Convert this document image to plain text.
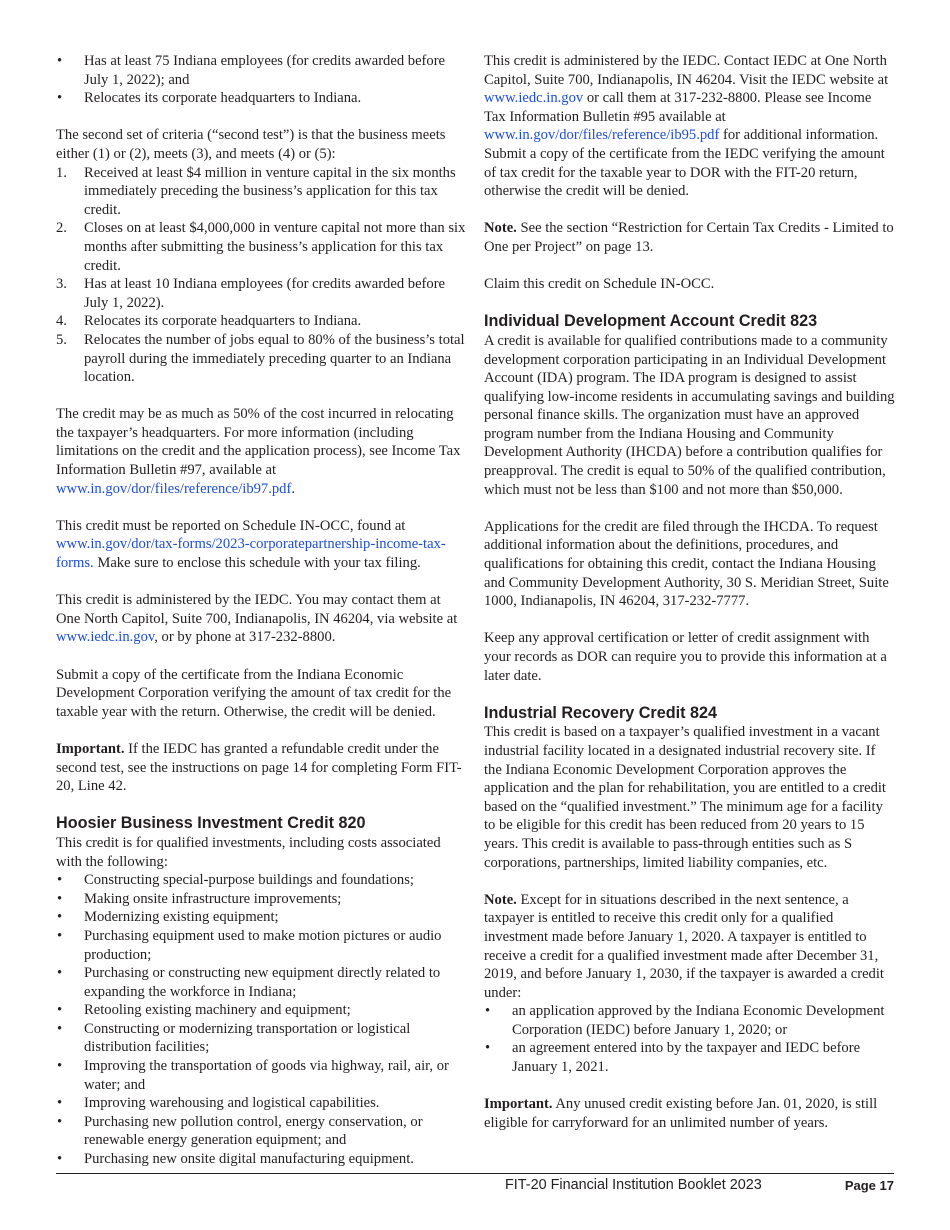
• Has at least 75 Indiana employees (for credits awarded before July 1, 2022); and
• Relocates its corporate headquarters to Indiana.

The second set of criteria (“second test”) is that the business meets either (1) or (2), meets (3), and meets (4) or (5):

1. Received at least $4 million in venture capital in the six months immediately preceding the business’s application for this tax credit.
2. Closes on at least $4,000,000 in venture capital not more than six months after submitting the business’s application for this tax credit.
3. Has at least 10 Indiana employees (for credits awarded before July 1, 2022).
4. Relocates its corporate headquarters to Indiana.
5. Relocates the number of jobs equal to 80% of the business’s total payroll during the immediately preceding quarter to an Indiana location.

The credit may be as much as 50% of the cost incurred in relocating the taxpayer’s headquarters. For more information (including limitations on the credit and the application process), see Income Tax Information Bulletin #97, available at www.in.gov/dor/files/reference/ib97.pdf.

This credit must be reported on Schedule IN-OCC, found at www.in.gov/dor/tax-forms/2023-corporatepartnership-income-tax-forms. Make sure to enclose this schedule with your tax filing.

This credit is administered by the IEDC. You may contact them at One North Capitol, Suite 700, Indianapolis, IN 46204, via website at www.iedc.in.gov, or by phone at 317-232-8800.

Submit a copy of the certificate from the Indiana Economic Development Corporation verifying the amount of tax credit for the taxable year with the return. Otherwise, the credit will be denied.

Important. If the IEDC has granted a refundable credit under the second test, see the instructions on page 14 for completing Form FIT-20, Line 42.

Hoosier Business Investment Credit 820

This credit is for qualified investments, including costs associated with the following:

• Constructing special-purpose buildings and foundations;
• Making onsite infrastructure improvements;
• Modernizing existing equipment;
• Purchasing equipment used to make motion pictures or audio production;
• Purchasing or constructing new equipment directly related to expanding the workforce in Indiana;
• Retooling existing machinery and equipment;
• Constructing or modernizing transportation or logistical distribution facilities;
• Improving the transportation of goods via highway, rail, air, or water; and
• Improving warehousing and logistical capabilities.
• Purchasing new pollution control, energy conservation, or renewable energy generation equipment; and
• Purchasing new onsite digital manufacturing equipment.

This credit is administered by the IEDC. Contact IEDC at One North Capitol, Suite 700, Indianapolis, IN 46204. Visit the IEDC website at www.iedc.in.gov or call them at 317-232-8800. Please see Income Tax Information Bulletin #95 available at www.in.gov/dor/files/reference/ib95.pdf for additional information. Submit a copy of the certificate from the IEDC verifying the amount of tax credit for the taxable year to DOR with the FIT-20 return, otherwise the credit will be denied.

Note. See the section “Restriction for Certain Tax Credits - Limited to One per Project” on page 13.

Claim this credit on Schedule IN-OCC.

Individual Development Account Credit 823

A credit is available for qualified contributions made to a community development corporation participating in an Individual Development Account (IDA) program. The IDA program is designed to assist qualifying low-income residents in accumulating savings and building personal finance skills. The organization must have an approved program number from the Indiana Housing and Community Development Authority (IHCDA) before a contribution qualifies for preapproval. The credit is equal to 50% of the qualified contribution, which must not be less than $100 and not more than $50,000.

Applications for the credit are filed through the IHCDA. To request additional information about the definitions, procedures, and qualifications for obtaining this credit, contact the Indiana Housing and Community Development Authority, 30 S. Meridian Street, Suite 1000, Indianapolis, IN 46204, 317-232-7777.

Keep any approval certification or letter of credit assignment with your records as DOR can require you to provide this information at a later date.

Industrial Recovery Credit 824

This credit is based on a taxpayer’s qualified investment in a vacant industrial facility located in a designated industrial recovery site. If the Indiana Economic Development Corporation approves the application and the plan for rehabilitation, you are entitled to a credit based on the “qualified investment.” The minimum age for a facility to be eligible for this credit has been reduced from 20 years to 15 years. This credit is available to pass-through entities such as S corporations, partnerships, limited liability companies, etc.

Note. Except for in situations described in the next sentence, a taxpayer is entitled to receive this credit only for a qualified investment made before January 1, 2020. A taxpayer is entitled to receive a credit for a qualified investment made after December 31, 2019, and before January 1, 2030, if the taxpayer is awarded a credit under:

• an application approved by the Indiana Economic Development Corporation (IEDC) before January 1, 2020; or
• an agreement entered into by the taxpayer and IEDC before January 1, 2021.

Important. Any unused credit existing before Jan. 01, 2020, is still eligible for carryforward for an unlimited number of years.

FIT-20 Financial Institution Booklet 2023	Page 17
